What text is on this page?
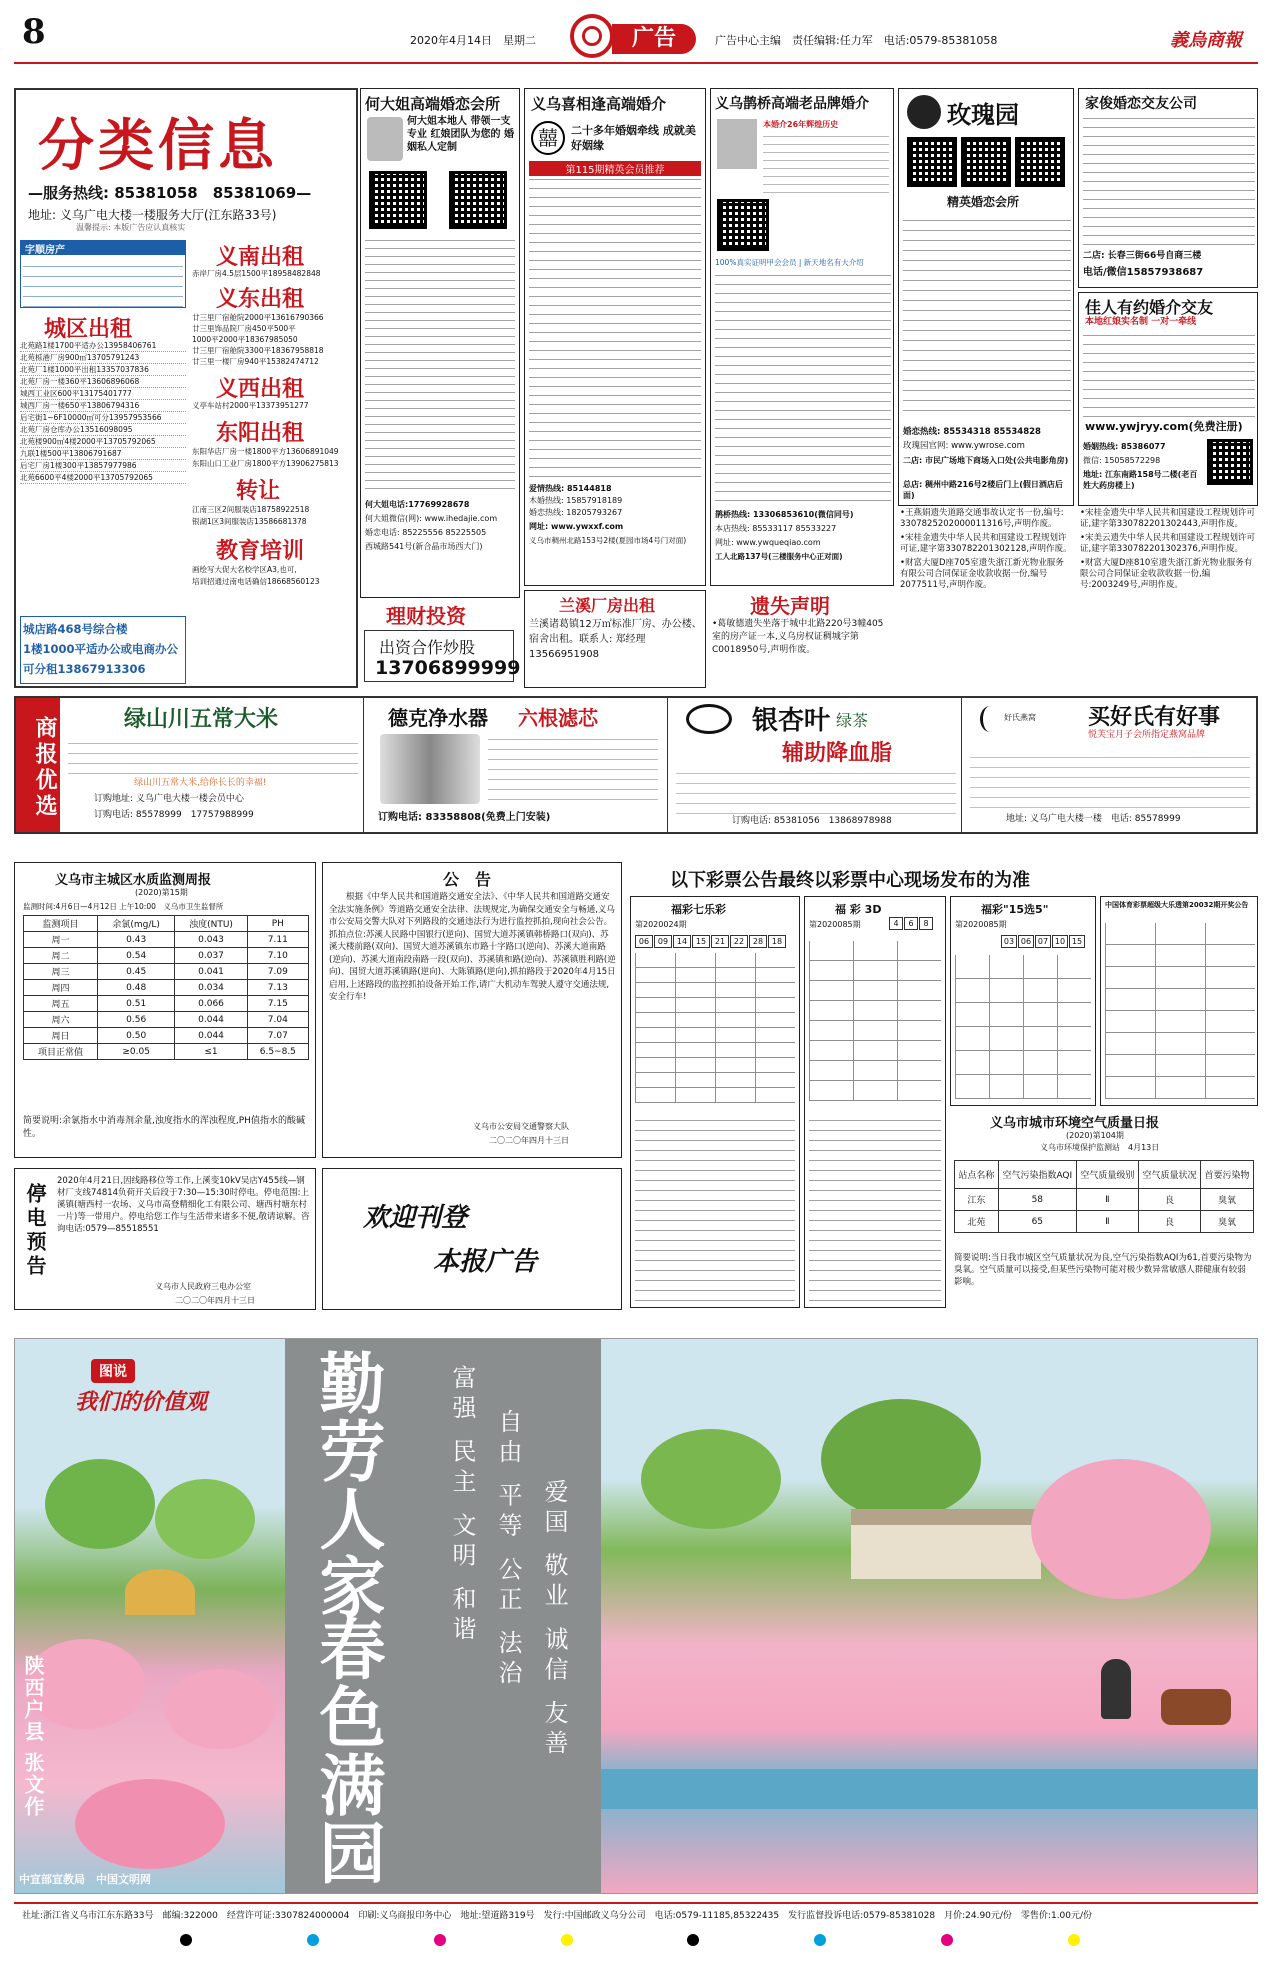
8	2020年4月14日　星期二	广告	广告中心主编　责任编辑:任力军　电话:0579-85381058	義烏商報
分类信息
—服务热线: 85381058　85381069—
地址: 义乌广电大楼一楼服务大厅(江东路33号)
温馨提示: 本版广告应认真核实
字顺房产
城区出租
北苑路1楼1700平适办公13958406761
北苑栎港厂房900㎡13705791243
北苑厂1楼1000平出租13357037836
北苑厂房一楼360平13606896068
城西工业区600平13175401777
城西厂房一楼650平13806794316
后宅街1~6F10000㎡可分13957953566
北苑厂房仓库办公13516098095
北苑楼900㎡4楼2000平13705792065
九联1楼500平13806791687
后宅厂房1楼300平13857977986
北苑6600平4楼2000平13705792065
城店路468号综合楼
1楼1000平适办公或电商办公
可分租13867913306
义南出租
赤岸厂房4.5层1500平18958482848
义东出租
廿三里厂宿舱院2000平13616790366
廿三里饰品院厂房450平500平
1000平2000平18367985050
廿三里厂宿舱院3300平18367958818
廿三里一楼厂房940平15382474712
义西出租
义亭车站村2000平13373951277
东阳出租
东阳华店厂房一楼1800平方13606891049
东阳山口工业厂房1800平方13906275813
转让
江南三区2间服装店18758922518
银湖1区3间服装店13586681378
教育培训
画绘写大促大名校学区A3,也可,
培训招通过南电话确信18668560123
何大姐高端婚恋会所
何大姐本地人 带领一支专业 红娘团队为您的 婚姻私人定制
何大姐电话:17769928678
何大姐微信(网): www.ihedajie.com
婚恋电话: 85225556 85225505
西城路541号(新合晶市场西大门)
理财投资
出资合作炒股
13706899999
义乌喜相逢高端婚介
囍	二十多年婚姻牵线 成就美好姻缘
第115期精英会员推荐
爱情热线: 85144818
木婚热线: 15857918189
婚恋热线: 18205793267
网址: www.ywxxf.com
义乌市稠州北路153号2楼(夏园市场4号门对面)
兰溪厂房出租
兰溪诸葛镇12万㎡标准厂房、办公楼、宿舍出租。联系人: 郑经理 13566951908
义乌鹊桥高端老品牌婚介
本婚介26年辉煌历史
100%真实证明甲会会员 | 新天地名有大介绍
鹊桥热线: 13306853610(微信同号)
本店热线: 85533117 85533227
网址: www.ywqueqiao.com
工人北路137号(三楼服务中心正对面)
遗失声明
•葛敏德遗失坐落于城中北路220号3幢405室的房产证一本,义乌房权证稠城字第C0018950号,声明作废。
玫瑰园
精英婚恋会所
婚恋热线: 85534318 85534828
玫瑰园官网: www.ywrose.com
二店: 市民广场地下商场入口处(公共电影角房)
总店: 稠州中路216号2楼后门上(假日酒店后面)
•王燕娟遗失道路交通事故认定书一份,编号: 3307825202000011316号,声明作废。
•宋桂金遗失中华人民共和国建设工程规划许可证,建字第330782201302128,声明作废。
•财富大厦D座705室遗失浙江新光物业服务有限公司合同保证金收款收据一份,编号2077511号,声明作废。
家俊婚恋交友公司
二店: 长春三街66号自商三楼
电话/微信15857938687
佳人有约婚介交友
本地红娘实名制 一对一牵线
www.ywjryy.com(免费注册)
婚姻热线: 85386077
微信: 15058572298
地址: 江东南路158号二楼(老百姓大药房楼上)
•宋桂金遗失中华人民共和国建设工程规划许可证,建字第330782201302443,声明作废。
•宋美云遗失中华人民共和国建设工程规划许可证,建字第330782201302376,声明作废。
•财富大厦D座810室遗失浙江新光物业服务有限公司合同保证金收款收据一份,编号:2003249号,声明作废。
商报优选	绿山川五常大米
绿山川五常大米,给你长长的幸福!
订购地址: 义乌广电大楼一楼会员中心
订购电话: 85578999　17757988999
德克净水器 六根滤芯
订购电话: 83358808(免费上门安装)
银杏叶 绿茶
辅助降血脂
订购电话: 85381056　13868978988
好氏燕窝 买好氏有好事
悦芙宝月子会所指定燕窝品牌
地址: 义乌广电大楼一楼　电话: 85578999
义乌市主城区水质监测周报
(2020)第15期
监测时间:4月6日—4月12日 上午10:00　义乌市卫生监督所
监测项目	余氯(mg/L)	浊度(NTU)	PH
周一	0.43	0.043	7.11
周二	0.54	0.037	7.10
周三	0.45	0.041	7.09
周四	0.48	0.034	7.13
周五	0.51	0.066	7.15
周六	0.56	0.044	7.04
周日	0.50	0.044	7.07
项目正常值	≥0.05	≤1	6.5~8.5
简要说明:余氯指水中消毒剂余量,浊度指水的浑浊程度,PH值指水的酸碱性。
停电预告
2020年4月21日,因线路移位等工作,上溪变10kV吴店Y455线—钢材厂支线74814负荷开关后段于7:30—15:30时停电。停电范围:上溪镇(塘西村一农场、义乌市高登精细化工有限公司、塘西村塘东村一片)等一带用户。停电给您工作与生活带来诸多不便,敬请谅解。咨询电话:0579—85518551
义乌市人民政府三电办公室
二〇二〇年四月十三日
公　告
根据《中华人民共和国道路交通安全法》、《中华人民共和国道路交通安全法实施条例》等道路交通安全法律、法规规定,为确保交通安全与畅通,义乌市公安局交警大队对下列路段的交通违法行为进行监控抓拍,现向社会公告。抓拍点位:苏溪人民路中国银行(逆向)、国贸大道苏溪镇韩桥路口(双向)、苏溪大楼前路(双向)、国贸大道苏溪镇东市路十字路口(逆向)、苏溪大道南路(逆向)、苏溪大道南段南路一段(双向)、苏溪镇和路(逆向)、苏溪镇胜利路(逆向)、国贸大道苏溪镇路(逆向)、大陈镇路(逆向),抓拍路段于2020年4月15日启用,上述路段的监控抓拍设备开始工作,请广大机动车驾驶人遵守交通法规,安全行车!
义乌市公安局交通警察大队
二〇二〇年四月十三日
欢迎刊登
本报广告
以下彩票公告最终以彩票中心现场发布的为准
福彩七乐彩
第2020024期
06	09	14	15	21	22	28	18
福 彩 3D
第2020085期	4	6	8
福彩"15选5"
第2020085期
03 06 07 10 15
中国体育彩票超级大乐透第20032期开奖公告
义乌市城市环境空气质量日报
(2020)第104期
义乌市环境保护监测站　4月13日
站点名称	空气污染指数AQI	空气质量级别	空气质量状况	首要污染物
江东	58	Ⅱ	良	臭氧
北苑	65	Ⅱ	良	臭氧
简要说明:当日我市城区空气质量状况为良,空气污染指数AQI为61,首要污染物为臭氧。空气质量可以接受,但某些污染物可能对极少数异常敏感人群健康有较弱影响。
图说
我们的价值观
陕西户县 张文作
中宣部宣教局　中国文明网
勤劳人家
春色满园
富强 民主 文明 和谐 自由 平等 公正 法治 爱国 敬业 诚信 友善
社址:浙江省义乌市江东东路33号　邮编:322000　经营许可证:3307824000004　印刷:义乌商报印务中心　地址:望道路319号　发行:中国邮政义乌分公司　电话:0579-11185,85322435　发行监督投诉电话:0579-85381028　月价:24.90元/份　零售价:1.00元/份
